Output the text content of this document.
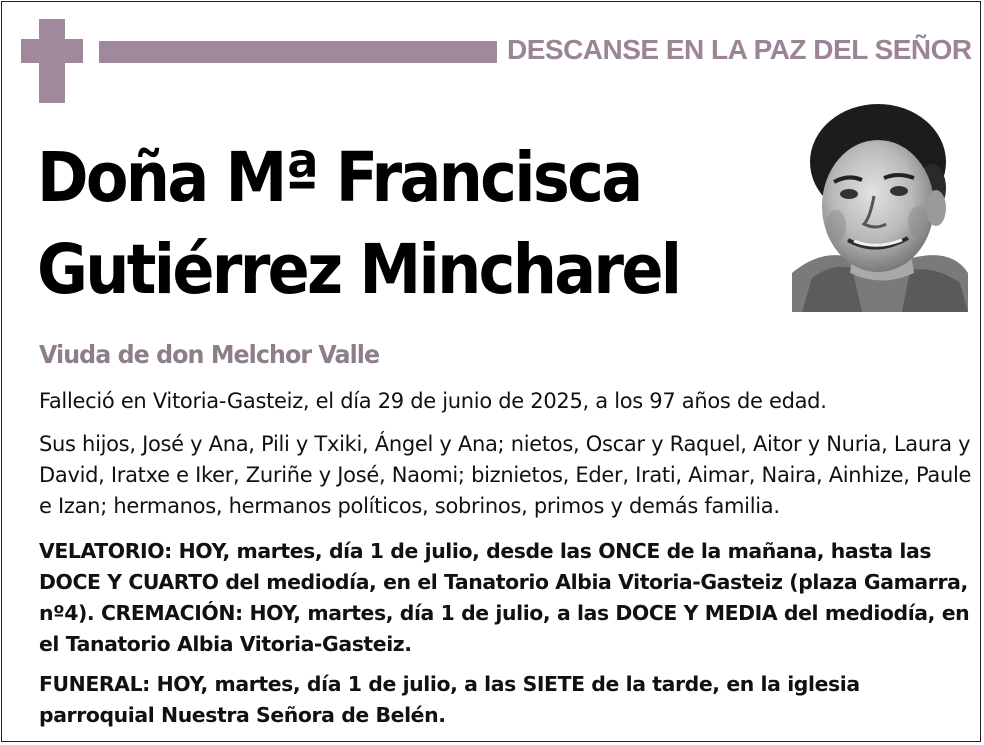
DESCANSE EN LA PAZ DEL SEÑOR
Doña Mª Francisca
Gutiérrez Mincharel
Viuda de don Melchor Valle
Falleció en Vitoria-Gasteiz, el día 29 de junio de 2025, a los 97 años de edad.
Sus hijos, José y Ana, Pili y Txiki, Ángel y Ana; nietos, Oscar y Raquel, Aitor y Nuria, Laura y David, Iratxe e Iker, Zuriñe y José, Naomi; biznietos, Eder, Irati, Aimar, Naira, Ainhize, Paule e Izan; hermanos, hermanos políticos, sobrinos, primos y demás familia.
VELATORIO: HOY, martes, día 1 de julio, desde las ONCE de la mañana, hasta las DOCE Y CUARTO del mediodía, en el Tanatorio Albia Vitoria-Gasteiz (plaza Gamarra, nº4). CREMACIÓN: HOY, martes, día 1 de julio, a las DOCE Y MEDIA del mediodía, en el Tanatorio Albia Vitoria-Gasteiz.
FUNERAL: HOY, martes, día 1 de julio, a las SIETE de la tarde, en la iglesia parroquial Nuestra Señora de Belén.
